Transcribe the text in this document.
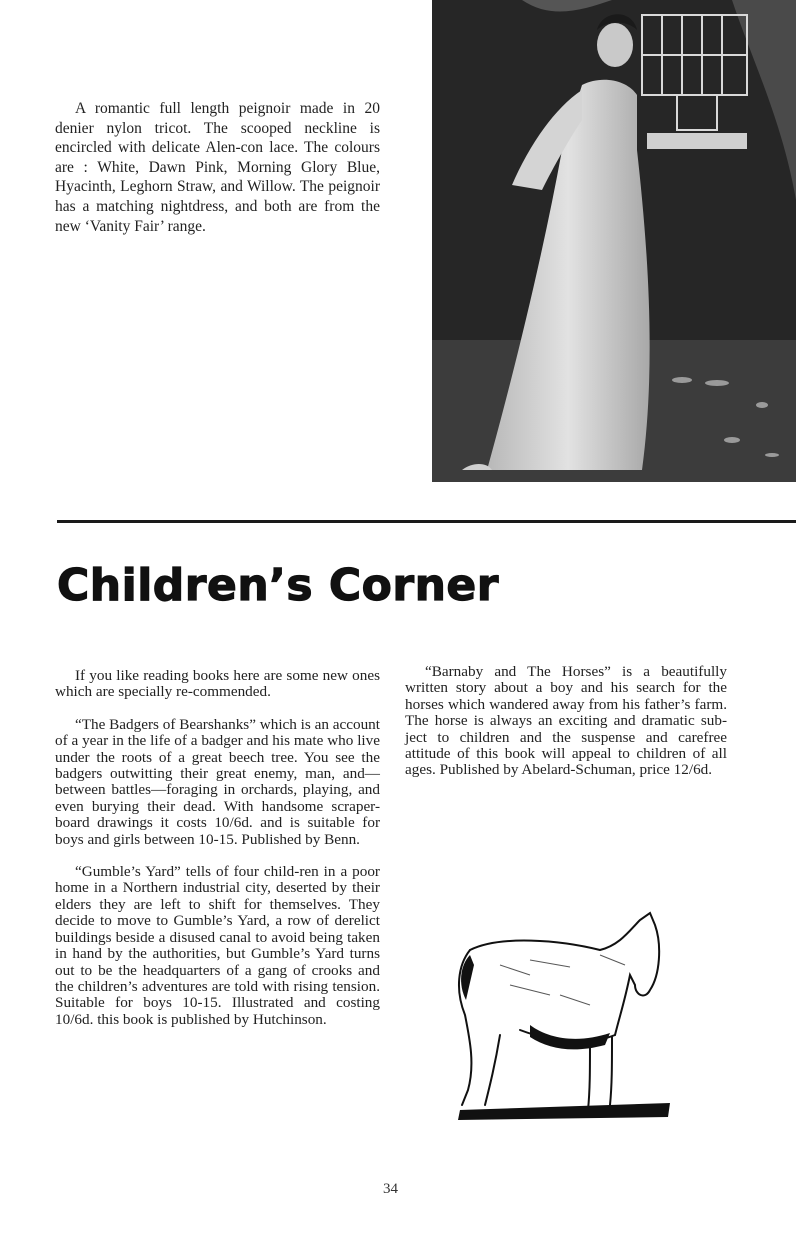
A romantic full length peignoir made in 20 denier nylon tricot. The scooped neckline is encircled with delicate Alen-con lace. The colours are : White, Dawn Pink, Morning Glory Blue, Hyacinth, Leghorn Straw, and Willow. The peignoir has a matching nightdress, and both are from the new ‘Vanity Fair’ range.

Children’s Corner

If you like reading books here are some new ones which are specially re-commended.

“The Badgers of Bearshanks” which is an account of a year in the life of a badger and his mate who live under the roots of a great beech tree. You see the badgers outwitting their great enemy, man, and—between battles—foraging in orchards, playing, and even burying their dead. With handsome scraper-board drawings it costs 10/6d. and is suitable for boys and girls between 10-15. Published by Benn.

“Gumble’s Yard” tells of four child-ren in a poor home in a Northern industrial city, deserted by their elders they are left to shift for themselves. They decide to move to Gumble’s Yard, a row of derelict buildings beside a disused canal to avoid being taken in hand by the authorities, but Gumble’s Yard turns out to be the headquarters of a gang of crooks and the children’s adventures are told with rising tension. Suitable for boys 10-15. Illustrated and costing 10/6d. this book is published by Hutchinson.

“Barnaby and The Horses” is a beautifully written story about a boy and his search for the horses which wandered away from his father’s farm. The horse is always an exciting and dramatic sub-ject to children and the suspense and carefree attitude of this book will appeal to children of all ages. Published by Abelard-Schuman, price 12/6d.

34
